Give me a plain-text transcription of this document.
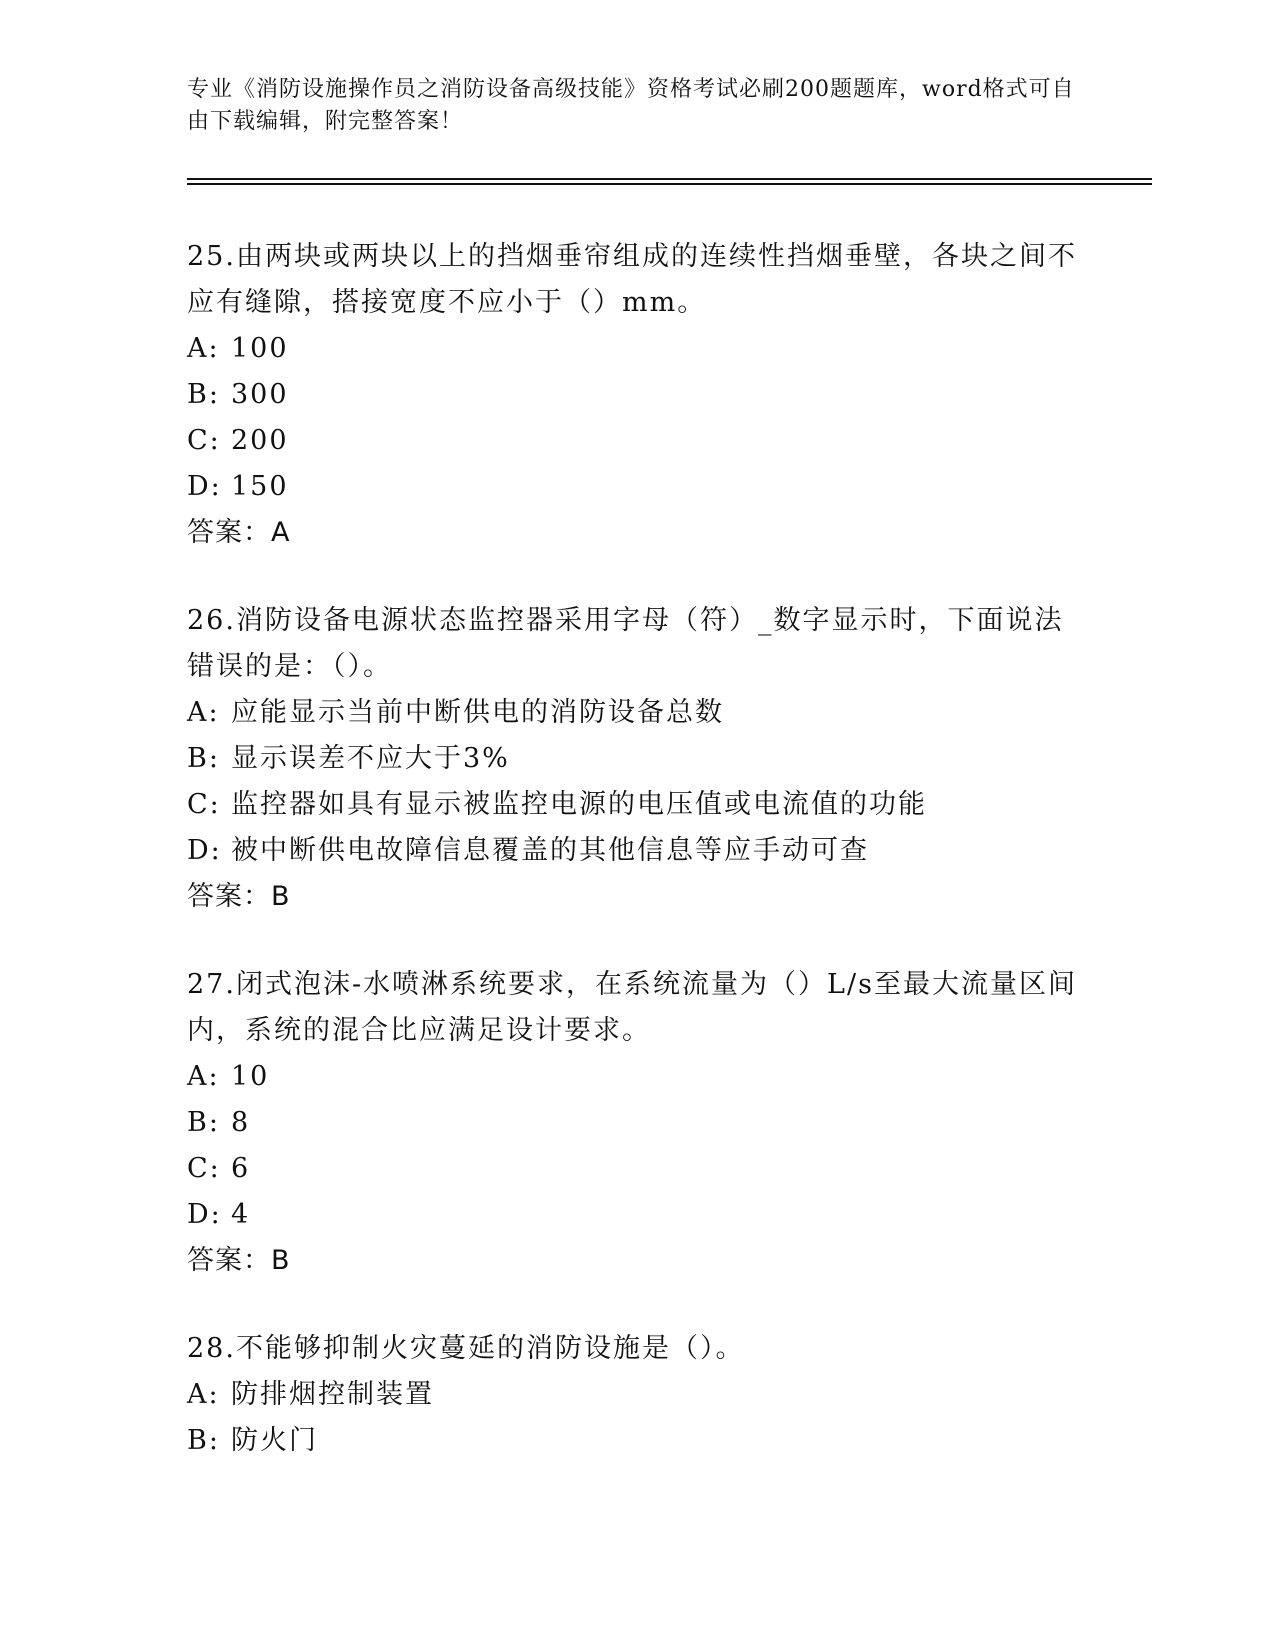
专业《消防设施操作员之消防设备高级技能》资格考试必刷200题题库，word格式可自由下载编辑，附完整答案！
25.由两块或两块以上的挡烟垂帘组成的连续性挡烟垂壁，各块之间不应有缝隙，搭接宽度不应小于（）mm。
A: 100
B: 300
C: 200
D: 150
答案：A
26.消防设备电源状态监控器采用字母（符）_数字显示时，下面说法错误的是：（）。
A: 应能显示当前中断供电的消防设备总数
B: 显示误差不应大于3%
C: 监控器如具有显示被监控电源的电压值或电流值的功能
D: 被中断供电故障信息覆盖的其他信息等应手动可查
答案：B
27.闭式泡沫-水喷淋系统要求，在系统流量为（）L/s至最大流量区间内，系统的混合比应满足设计要求。
A: 10
B: 8
C: 6
D: 4
答案：B
28.不能够抑制火灾蔓延的消防设施是（）。
A: 防排烟控制装置
B: 防火门
